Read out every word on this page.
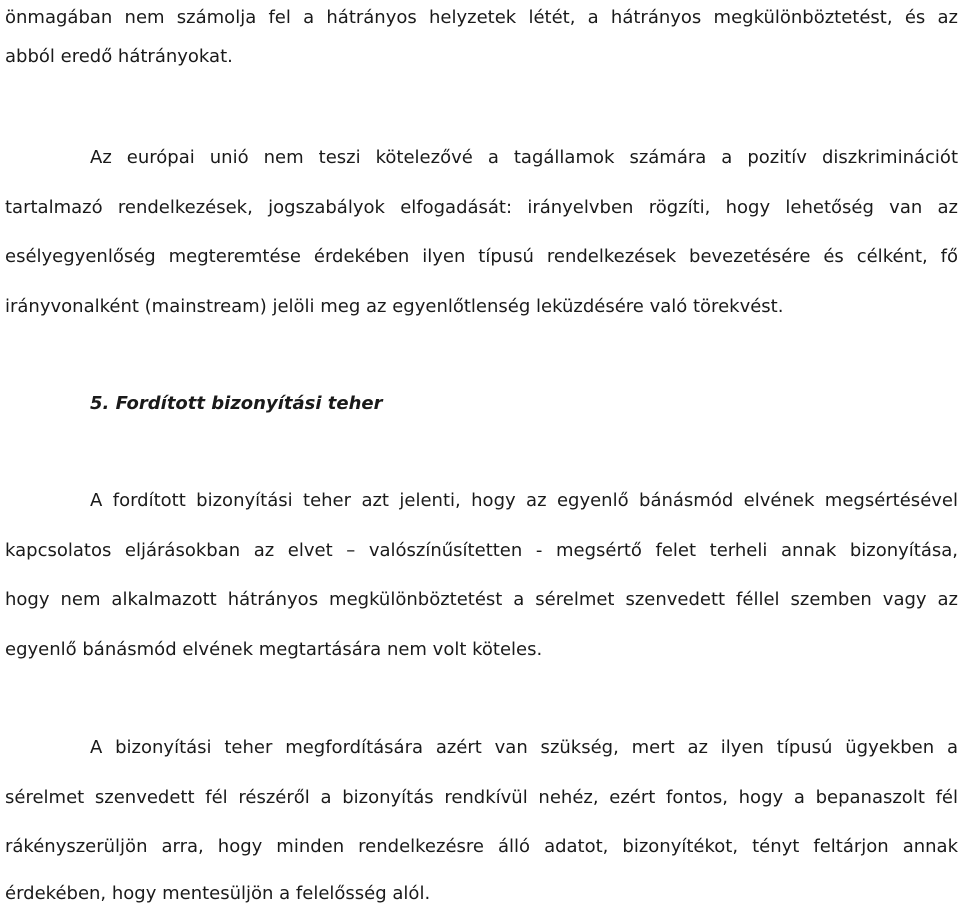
önmagában nem számolja fel a hátrányos helyzetek létét, a hátrányos megkülönböztetést, és az
abból eredő hátrányokat.
Az európai unió nem teszi kötelezővé a tagállamok számára a pozitív diszkriminációt
tartalmazó rendelkezések, jogszabályok elfogadását: irányelvben rögzíti, hogy lehetőség van az
esélyegyenlőség megteremtése érdekében ilyen típusú rendelkezések bevezetésére és célként, fő
irányvonalként (mainstream) jelöli meg az egyenlőtlenség leküzdésére való törekvést.
5. Fordított bizonyítási teher
A fordított bizonyítási teher azt jelenti, hogy az egyenlő bánásmód elvének megsértésével
kapcsolatos eljárásokban az elvet – valószínűsítetten - megsértő felet terheli annak bizonyítása,
hogy nem alkalmazott hátrányos megkülönböztetést a sérelmet szenvedett féllel szemben vagy az
egyenlő bánásmód elvének megtartására nem volt köteles.
A bizonyítási teher megfordítására azért van szükség, mert az ilyen típusú ügyekben a
sérelmet szenvedett fél részéről a bizonyítás rendkívül nehéz, ezért fontos, hogy a bepanaszolt fél
rákényszerüljön arra, hogy minden rendelkezésre álló adatot, bizonyítékot, tényt feltárjon annak
érdekében, hogy mentesüljön a felelősség alól.
